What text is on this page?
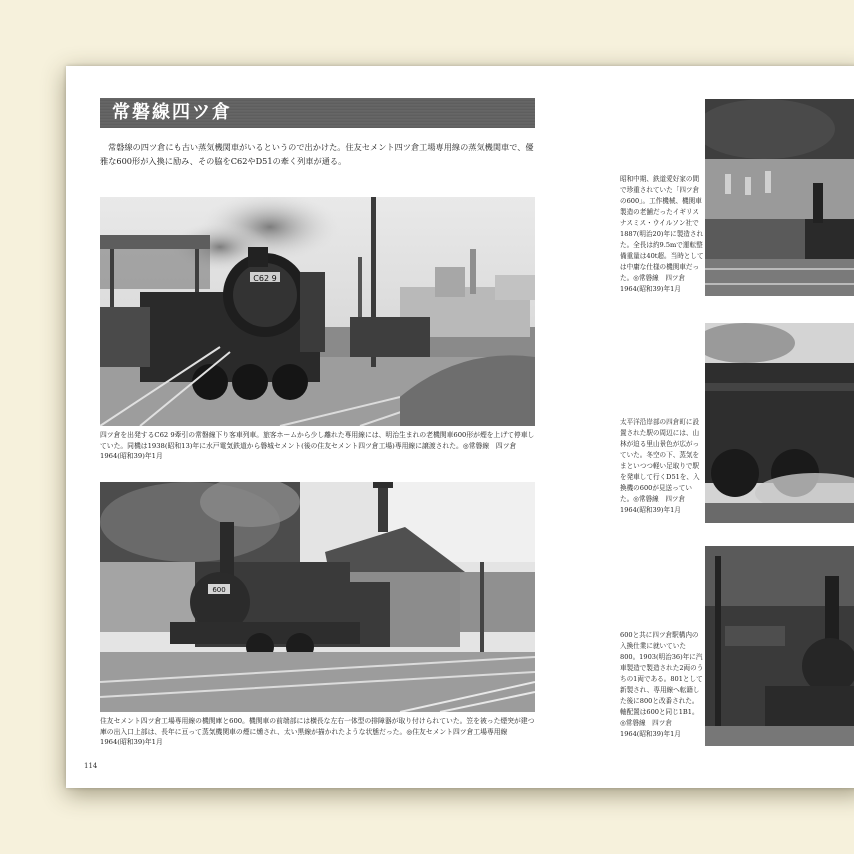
常磐線四ツ倉
常磐線の四ツ倉にも古い蒸気機関車がいるというので出かけた。住友セメント四ツ倉工場専用線の蒸気機関車で、優雅な600形が入換に励み、その脇をC62やD51の牽く列車が通る。
C62 9
四ツ倉を出発するC62 9牽引の常磐線下り客車列車。旅客ホームから少し離れた専用線には、明治生まれの老機関車600形が煙を上げて停車していた。同機は1938(昭和13)年に水戸電気鉄道から磐城セメント(後の住友セメント四ツ倉工場)専用線に譲渡された。◎常磐線　四ツ倉　1964(昭和39)年1月
600
住友セメント四ツ倉工場専用線の機関庫と600。機関車の前端部には横長な左右一体型の排障器が取り付けられていた。笠を被った煙突が建つ庫の出入口上部は、長年に亘って蒸気機関車の煙に燻され、太い黒線が描かれたような状態だった。◎住友セメント四ツ倉工場専用線　1964(昭和39)年1月
昭和中期、鉄道愛好家の間で珍重されていた「四ツ倉の600」。工作機械、機関車製造の老舗だったイギリス ナスミス・ウイルソン社で1887(明治20)年に製造された。全長は約9.5mで運転整備重量は40t超。当時としては中庸な仕様の機関車だった。◎常磐線　四ツ倉1964(昭和39)年1月
太平洋沿岸部の四倉町に設置された駅の周辺には、山林が迫る里山景色が広がっていた。冬空の下、蒸気をまといつつ軽い足取りで駅を発車して行くD51を、入換機の600が見送っていた。◎常磐線　四ツ倉　1964(昭和39)年1月
600と共に四ツ倉駅構内の入換仕業に就いていた800。1903(明治36)年に汽車製造で製造された2両のうちの1両である。801として新製され、専用線へ転籍した後に800と改番された。軸配置は600と同じ1B1。◎常磐線　四ツ倉　1964(昭和39)年1月
114
